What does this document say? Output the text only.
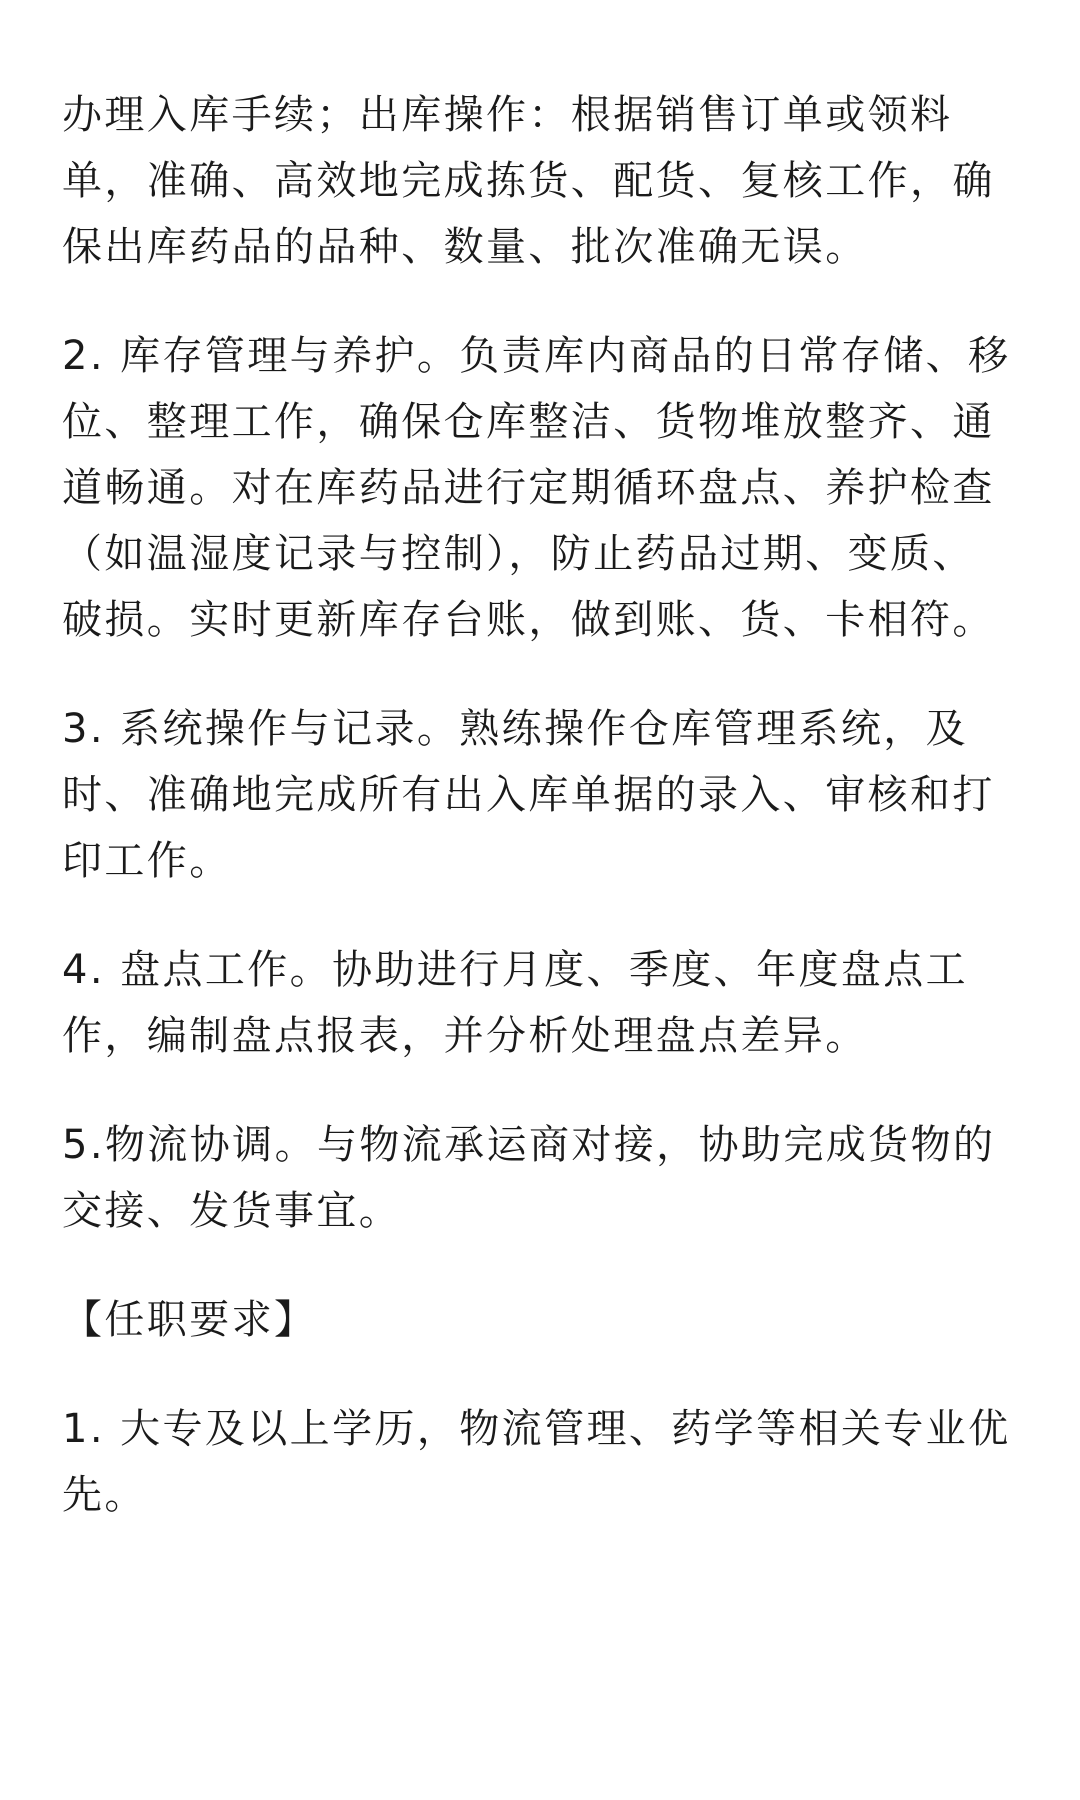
办理入库手续；出库操作：根据销售订单或领料
单，准确、高效地完成拣货、配货、复核工作，确
保出库药品的品种、数量、批次准确无误。

2. 库存管理与养护。负责库内商品的日常存储、移
位、整理工作，确保仓库整洁、货物堆放整齐、通
道畅通。对在库药品进行定期循环盘点、养护检查
（如温湿度记录与控制），防止药品过期、变质、
破损。实时更新库存台账，做到账、货、卡相符。

3. 系统操作与记录。熟练操作仓库管理系统，及
时、准确地完成所有出入库单据的录入、审核和打
印工作。

4. 盘点工作。协助进行月度、季度、年度盘点工
作，编制盘点报表，并分析处理盘点差异。

5.物流协调。与物流承运商对接，协助完成货物的
交接、发货事宜。

【任职要求】

1. 大专及以上学历，物流管理、药学等相关专业优
先。
